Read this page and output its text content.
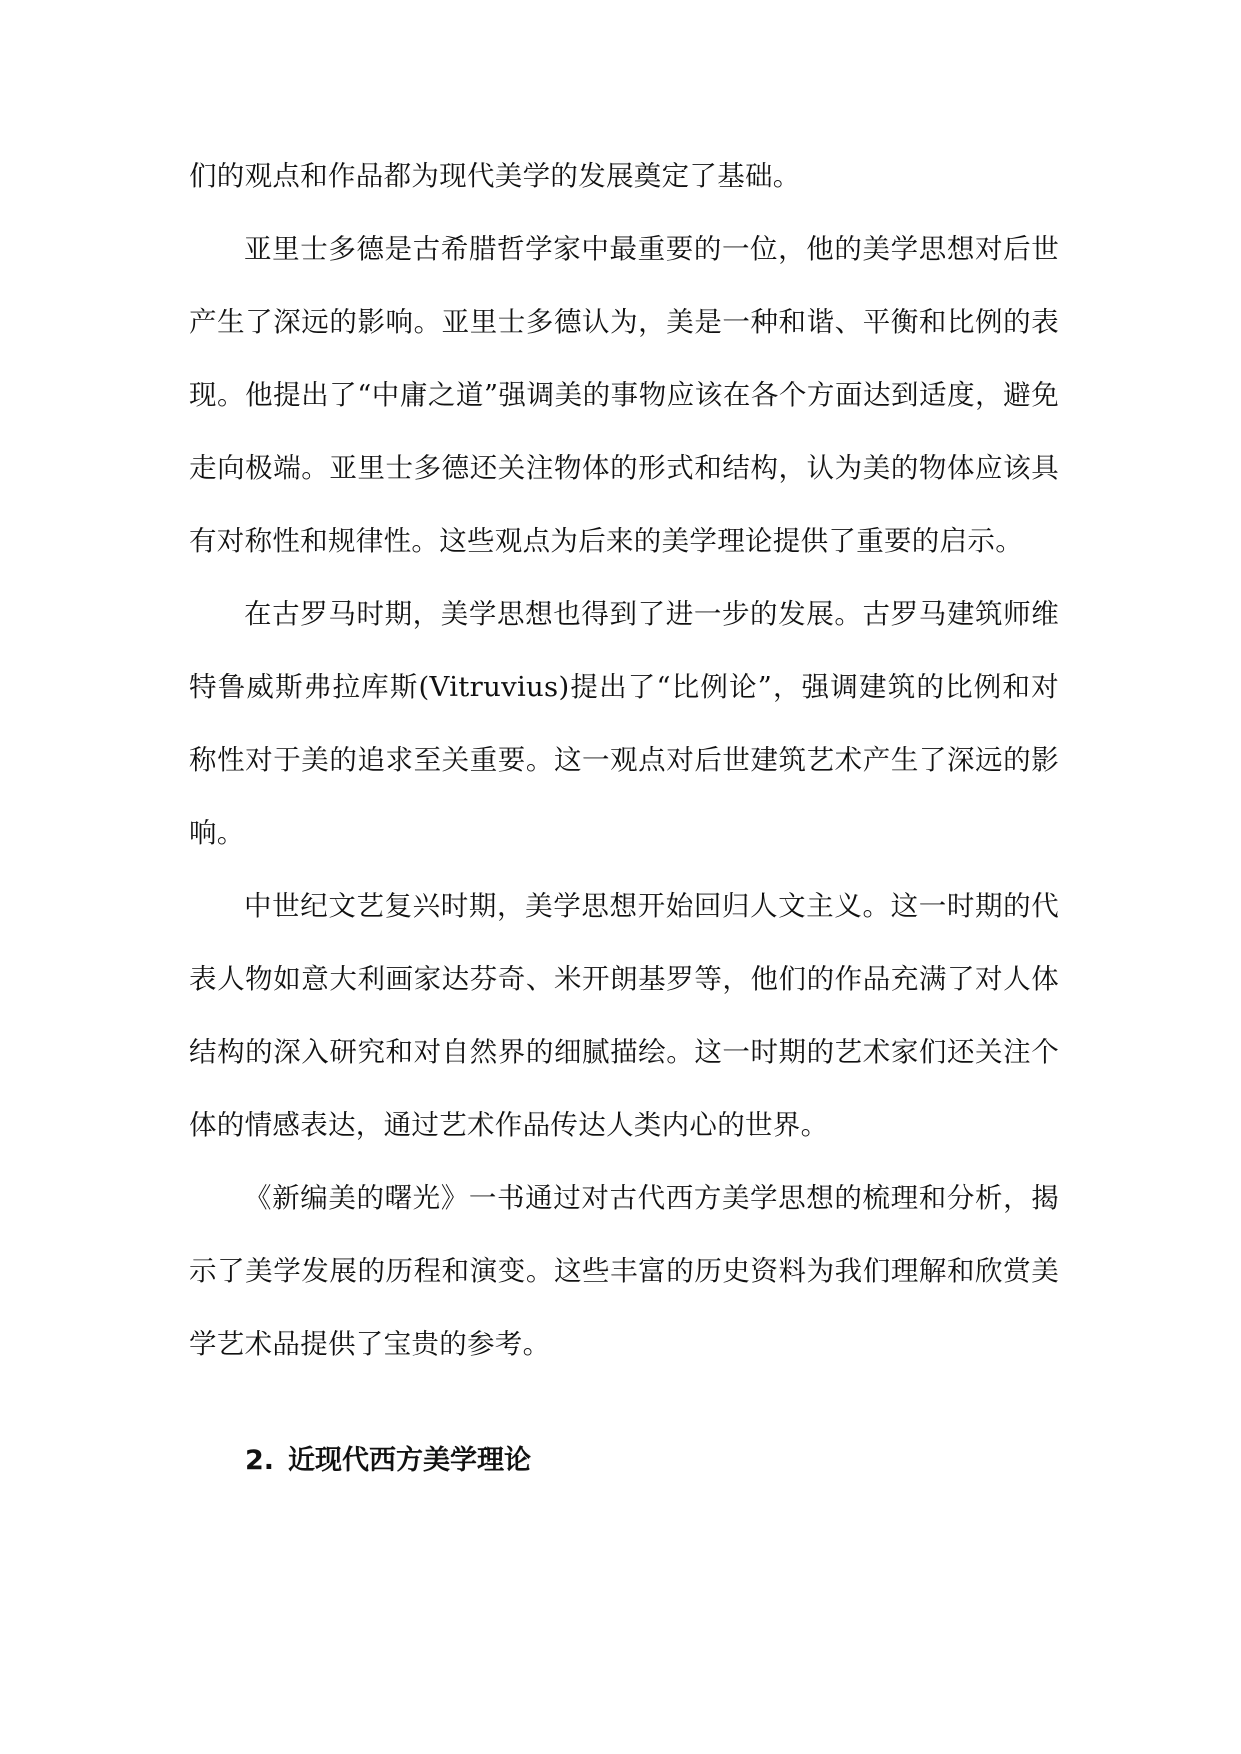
们的观点和作品都为现代美学的发展奠定了基础。

亚里士多德是古希腊哲学家中最重要的一位，他的美学思想对后世产生了深远的影响。亚里士多德认为，美是一种和谐、平衡和比例的表现。他提出了“中庸之道”强调美的事物应该在各个方面达到适度，避免走向极端。亚里士多德还关注物体的形式和结构，认为美的物体应该具有对称性和规律性。这些观点为后来的美学理论提供了重要的启示。

在古罗马时期，美学思想也得到了进一步的发展。古罗马建筑师维特鲁威斯弗拉库斯(Vitruvius)提出了“比例论”，强调建筑的比例和对称性对于美的追求至关重要。这一观点对后世建筑艺术产生了深远的影响。

中世纪文艺复兴时期，美学思想开始回归人文主义。这一时期的代表人物如意大利画家达芬奇、米开朗基罗等，他们的作品充满了对人体结构的深入研究和对自然界的细腻描绘。这一时期的艺术家们还关注个体的情感表达，通过艺术作品传达人类内心的世界。

《新编美的曙光》一书通过对古代西方美学思想的梳理和分析，揭示了美学发展的历程和演变。这些丰富的历史资料为我们理解和欣赏美学艺术品提供了宝贵的参考。

2. 近现代西方美学理论
